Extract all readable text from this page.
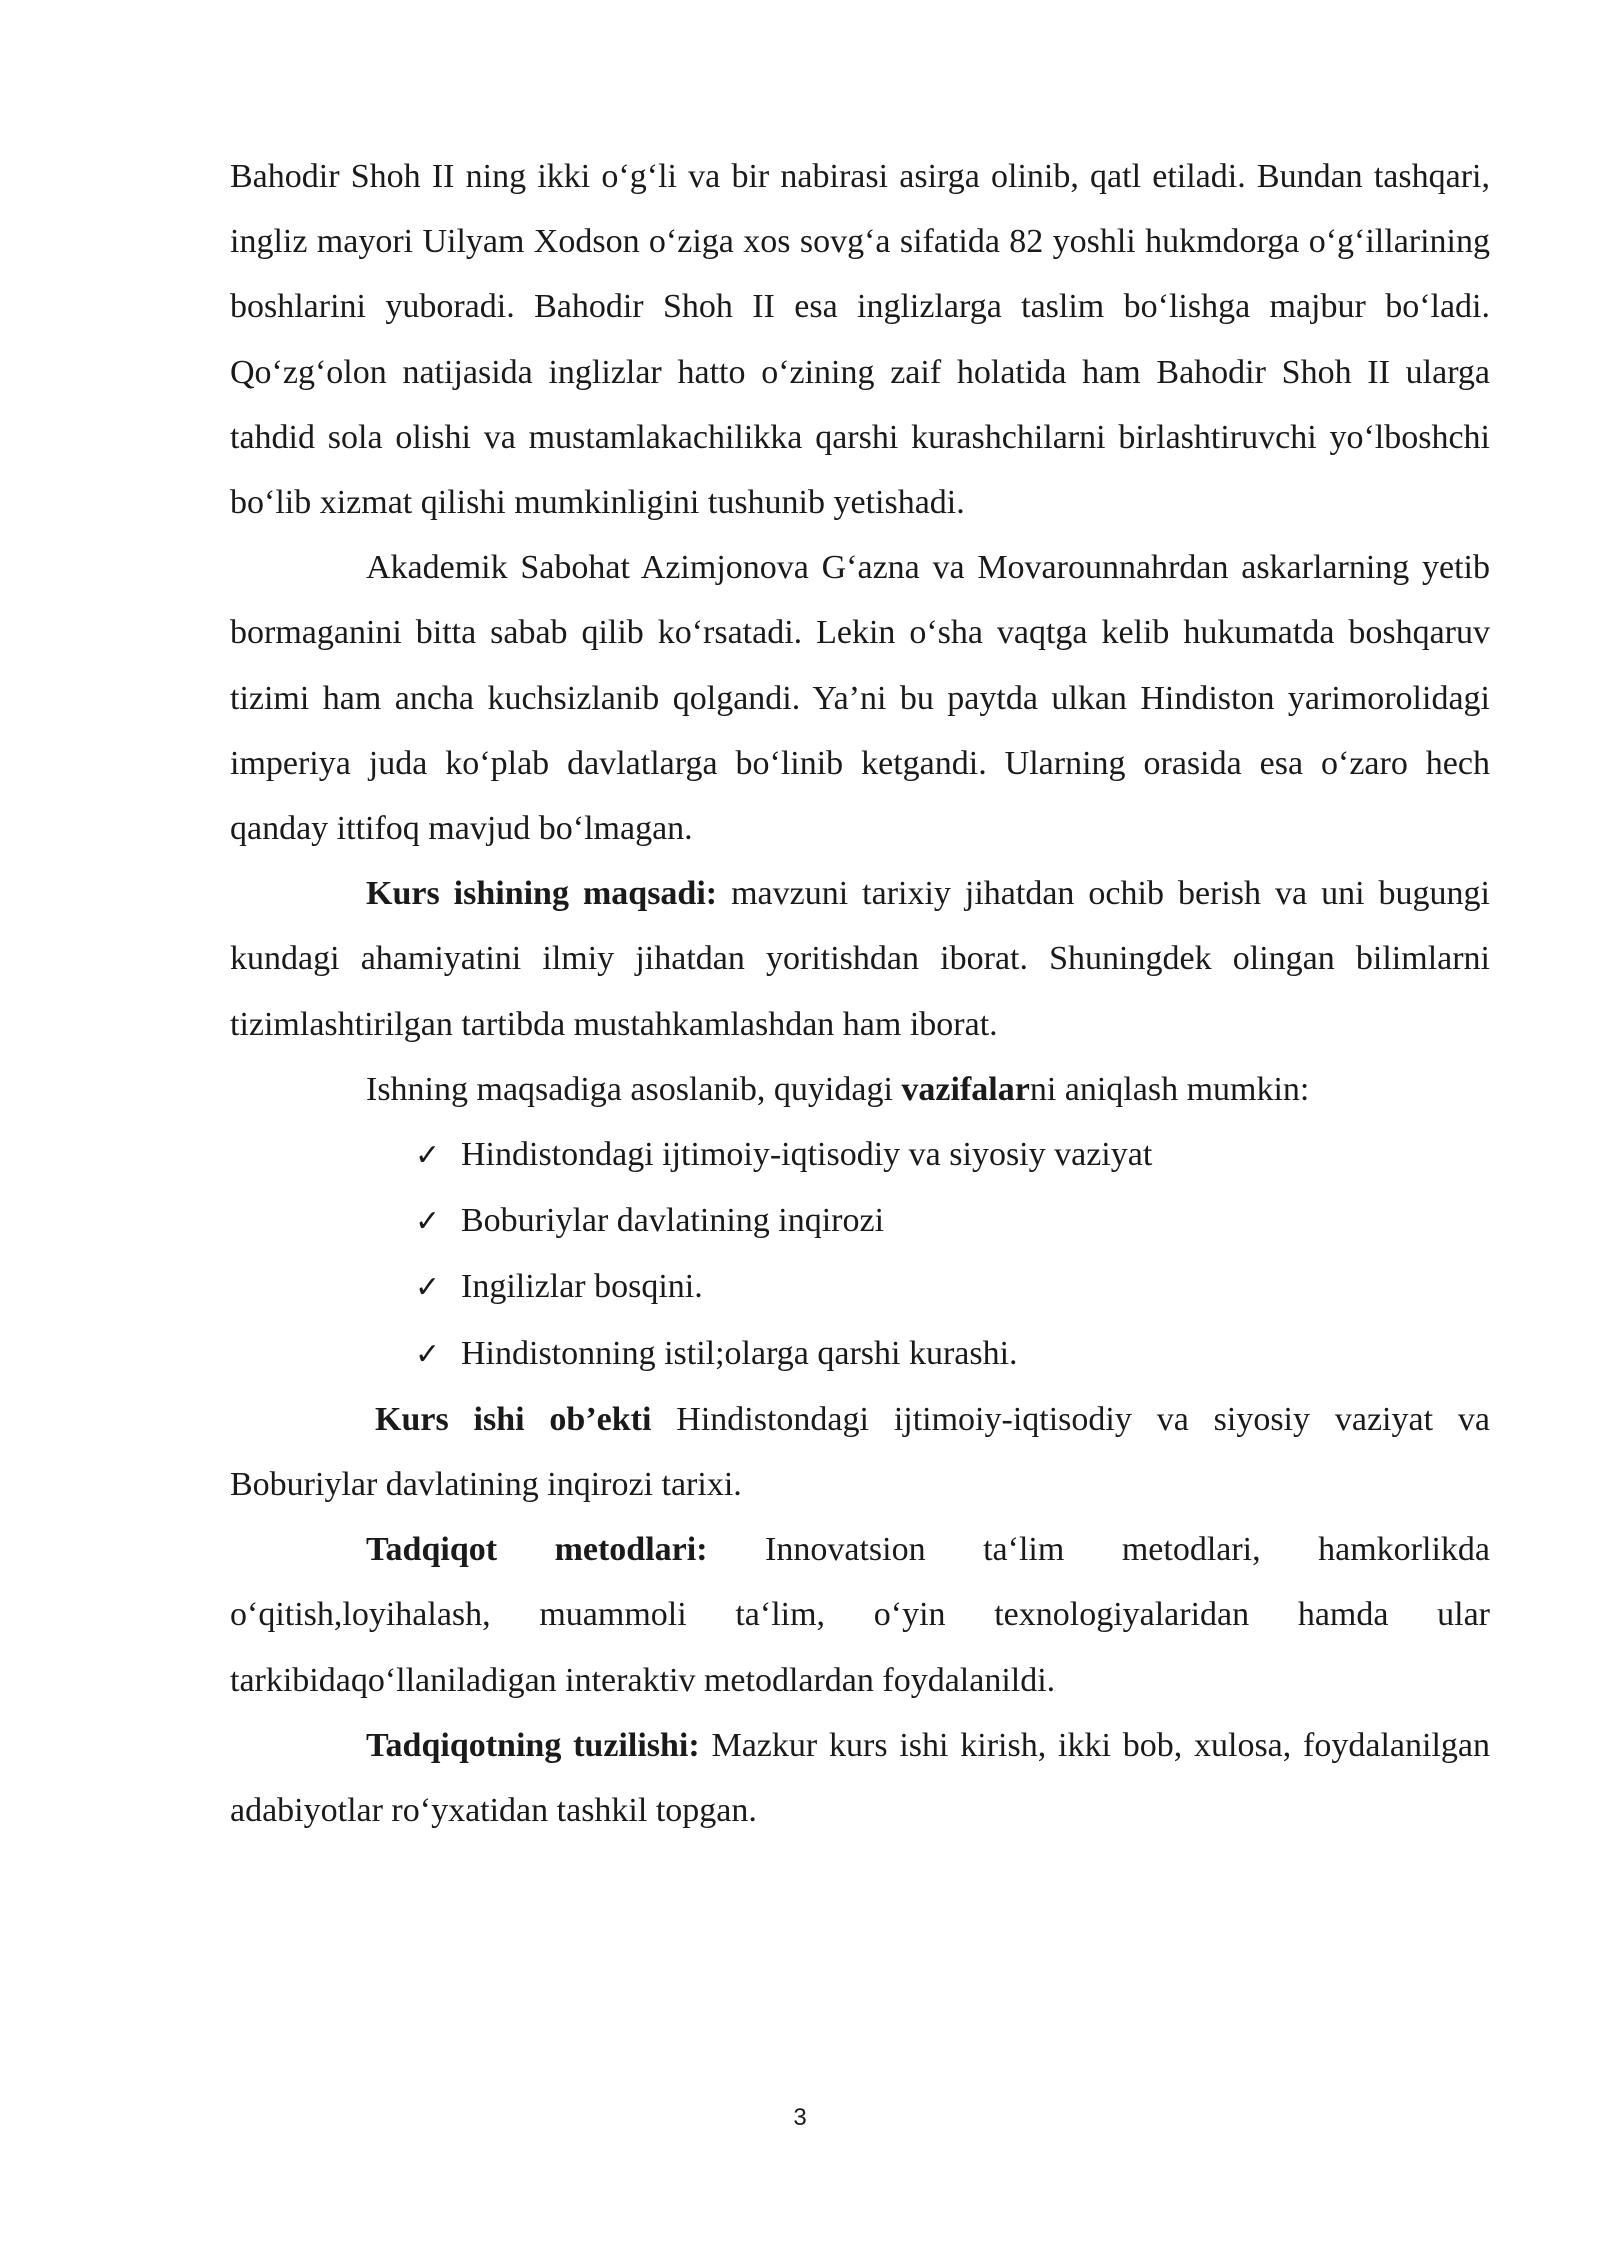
Bahodir Shoh II ning ikki o‘g‘li va bir nabirasi asirga olinib, qatl etiladi. Bundan tashqari, ingliz mayori Uilyam Xodson o‘ziga xos sovg‘a sifatida 82 yoshli hukmdorga o‘g‘illarining boshlarini yuboradi. Bahodir Shoh II esa inglizlarga taslim bo‘lishga majbur bo‘ladi. Qo‘zg‘olon natijasida inglizlar hatto o‘zining zaif holatida ham Bahodir Shoh II ularga tahdid sola olishi va mustamlakachilikka qarshi kurashchilarni birlashtiruvchi yo‘lboshchi bo‘lib xizmat qilishi mumkinligini tushunib yetishadi.

Akademik Sabohat Azimjonova G‘azna va Movarounnahrdan askarlarning yetib bormaganini bitta sabab qilib ko‘rsatadi. Lekin o‘sha vaqtga kelib hukumatda boshqaruv tizimi ham ancha kuchsizlanib qolgandi. Ya’ni bu paytda ulkan Hindiston yarimorolidagi imperiya juda ko‘plab davlatlarga bo‘linib ketgandi. Ularning orasida esa o‘zaro hech qanday ittifoq mavjud bo‘lmagan.

Kurs ishining maqsadi: mavzuni tarixiy jihatdan ochib berish va uni bugungi kundagi ahamiyatini ilmiy jihatdan yoritishdan iborat. Shuningdek olingan bilimlarni tizimlashtirilgan tartibda mustahkamlashdan ham iborat.

Ishning maqsadiga asoslanib, quyidagi vazifalarni aniqlash mumkin:

✓ Hindistondagi ijtimoiy-iqtisodiy va siyosiy vaziyat
✓ Boburiylar davlatining inqirozi
✓ Ingilizlar bosqini.
✓ Hindistonning istil;olarga qarshi kurashi.

Kurs ishi ob’ekti Hindistondagi ijtimoiy-iqtisodiy va siyosiy vaziyat va Boburiylar davlatining inqirozi tarixi.

Tadqiqot metodlari: Innovatsion ta‘lim metodlari, hamkorlikda o‘qitish,loyihalash, muammoli ta‘lim, o‘yin texnologiyalaridan hamda ular tarkibidaqo‘llaniladigan interaktiv metodlardan foydalanildi.

Tadqiqotning tuzilishi: Mazkur kurs ishi kirish, ikki bob, xulosa, foydalanilgan adabiyotlar ro‘yxatidan tashkil topgan.

3
